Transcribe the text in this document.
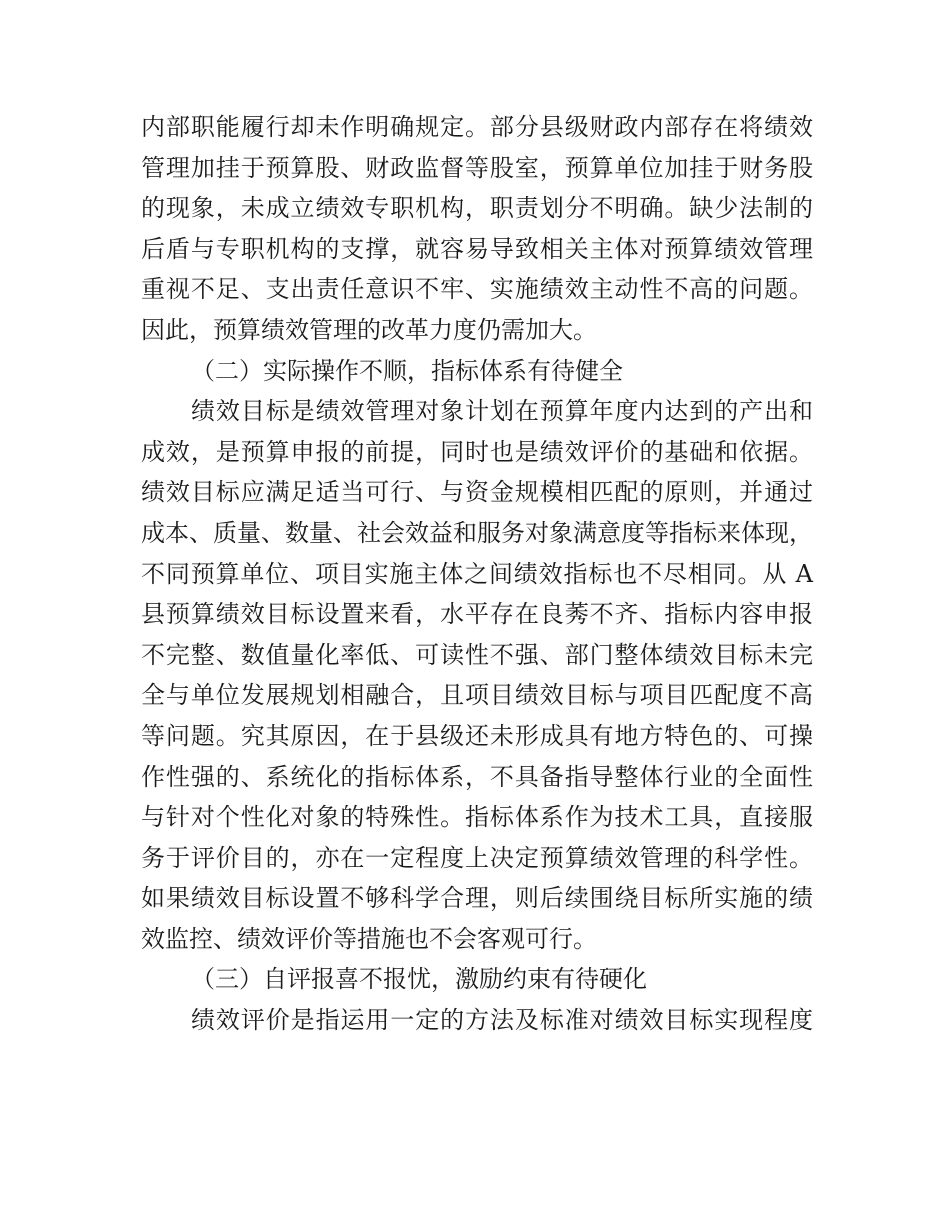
内部职能履行却未作明确规定。部分县级财政内部存在将绩效
管理加挂于预算股、财政监督等股室，预算单位加挂于财务股
的现象，未成立绩效专职机构，职责划分不明确。缺少法制的
后盾与专职机构的支撑，就容易导致相关主体对预算绩效管理
重视不足、支出责任意识不牢、实施绩效主动性不高的问题。
因此，预算绩效管理的改革力度仍需加大。
（二）实际操作不顺，指标体系有待健全
绩效目标是绩效管理对象计划在预算年度内达到的产出和
成效，是预算申报的前提，同时也是绩效评价的基础和依据。
绩效目标应满足适当可行、与资金规模相匹配的原则，并通过
成本、质量、数量、社会效益和服务对象满意度等指标来体现，
不同预算单位、项目实施主体之间绩效指标也不尽相同。从 A
县预算绩效目标设置来看，水平存在良莠不齐、指标内容申报
不完整、数值量化率低、可读性不强、部门整体绩效目标未完
全与单位发展规划相融合，且项目绩效目标与项目匹配度不高
等问题。究其原因，在于县级还未形成具有地方特色的、可操
作性强的、系统化的指标体系，不具备指导整体行业的全面性
与针对个性化对象的特殊性。指标体系作为技术工具，直接服
务于评价目的，亦在一定程度上决定预算绩效管理的科学性。
如果绩效目标设置不够科学合理，则后续围绕目标所实施的绩
效监控、绩效评价等措施也不会客观可行。
（三）自评报喜不报忧，激励约束有待硬化
绩效评价是指运用一定的方法及标准对绩效目标实现程度
